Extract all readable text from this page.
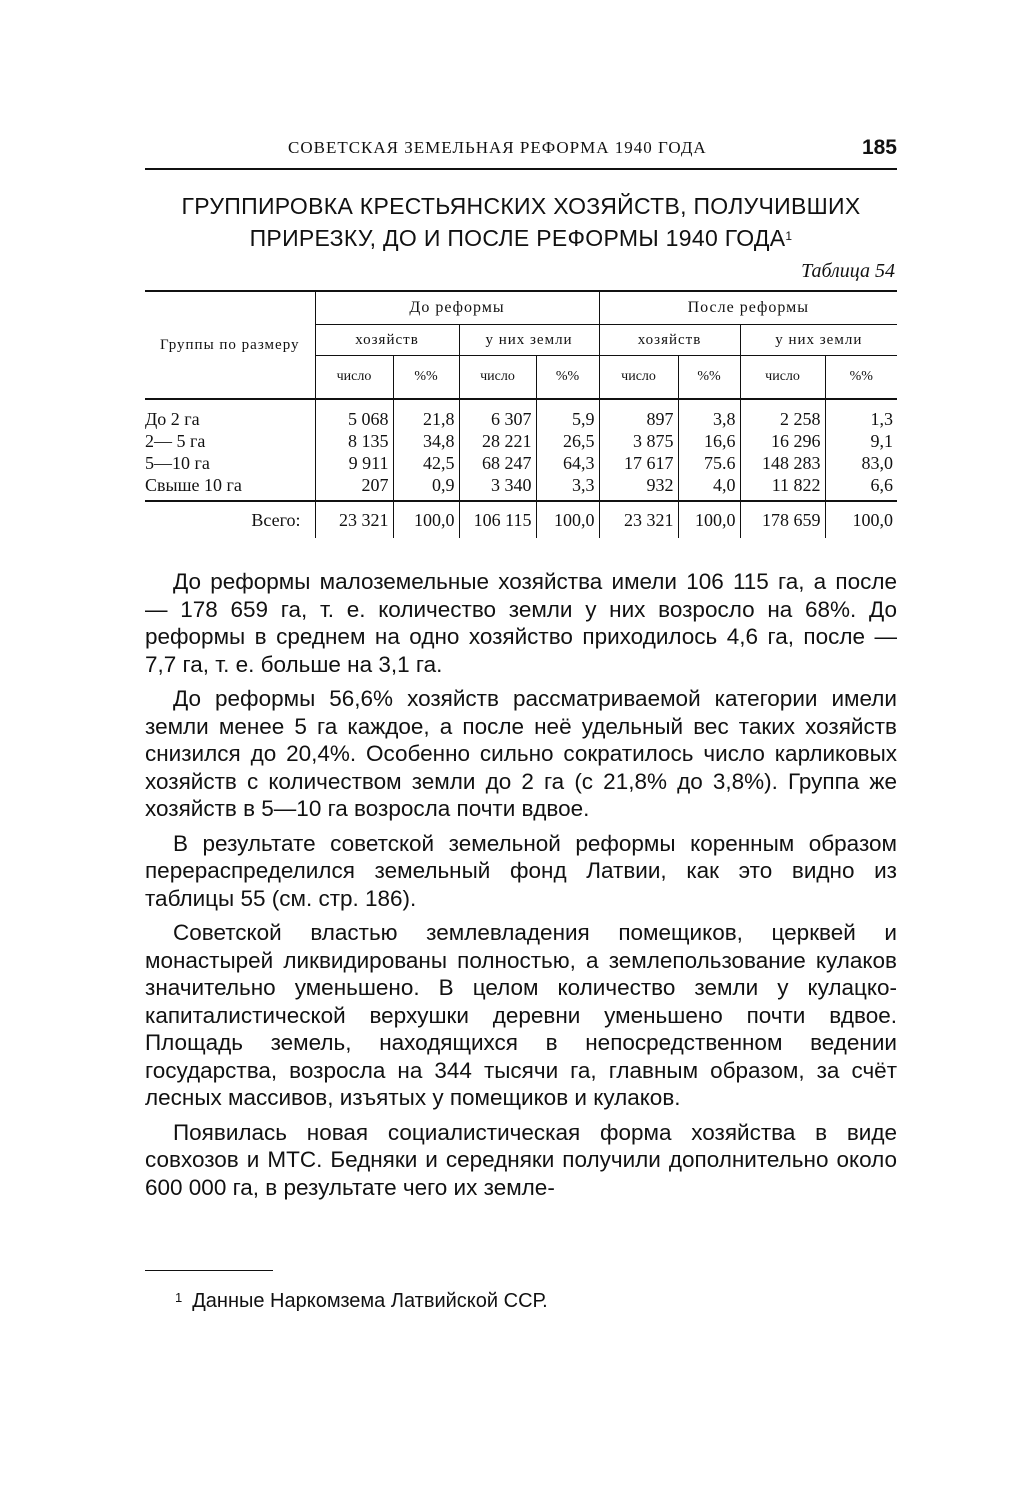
СОВЕТСКАЯ ЗЕМЕЛЬНАЯ РЕФОРМА 1940 ГОДА	185
ГРУППИРОВКА КРЕСТЬЯНСКИХ ХОЗЯЙСТВ, ПОЛУЧИВШИХ
ПРИРЕЗКУ, ДО И ПОСЛЕ РЕФОРМЫ 1940 ГОДА$^1$
Таблица 54
Группы по размеру	До реформы				После реформы			
	хозяйств		у них земли		хозяйств		у них земли	
	число	%%	число	%%	число	%%	число	%%
До 2 га	5 068	21,8	6 307	5,9	897	3,8	2 258	1,3
2— 5 га	8 135	34,8	28 221	26,5	3 875	16,6	16 296	9,1
5—10 га	9 911	42,5	68 247	64,3	17 617	75.6	148 283	83,0
Свыше 10 га	207	0,9	3 340	3,3	932	4,0	11 822	6,6
Всего:	23 321	100,0	106 115	100,0	23 321	100,0	178 659	100,0

До реформы малоземельные хозяйства имели 106 115 га, а после — 178 659 га, т. е. количество земли у них возросло на 68%. До реформы в среднем на одно хозяйство приходилось 4,6 га, после — 7,7 га, т. е. больше на 3,1 га.

До реформы 56,6% хозяйств рассматриваемой категории имели земли менее 5 га каждое, а после неё удельный вес таких хозяйств снизился до 20,4%. Особенно сильно сократилось число карликовых хозяйств с количеством земли до 2 га (с 21,8% до 3,8%). Группа же хозяйств в 5—10 га возросла почти вдвое.

В результате советской земельной реформы коренным образом перераспределился земельный фонд Латвии, как это видно из таблицы 55 (см. стр. 186).

Советской властью землевладения помещиков, церквей и монастырей ликвидированы полностью, а землепользование кулаков значительно уменьшено. В целом количество земли у кулацко-капиталистической верхушки деревни уменьшено почти вдвое. Площадь земель, находящихся в непосредственном ведении государства, возросла на 344 тысячи га, главным образом, за счёт лесных массивов, изъятых у помещиков и кулаков.

Появилась новая социалистическая форма хозяйства в виде совхозов и МТС. Бедняки и середняки получили дополнительно около 600 000 га, в результате чего их земле-

$^1$ Данные Наркомзема Латвийской ССР.
